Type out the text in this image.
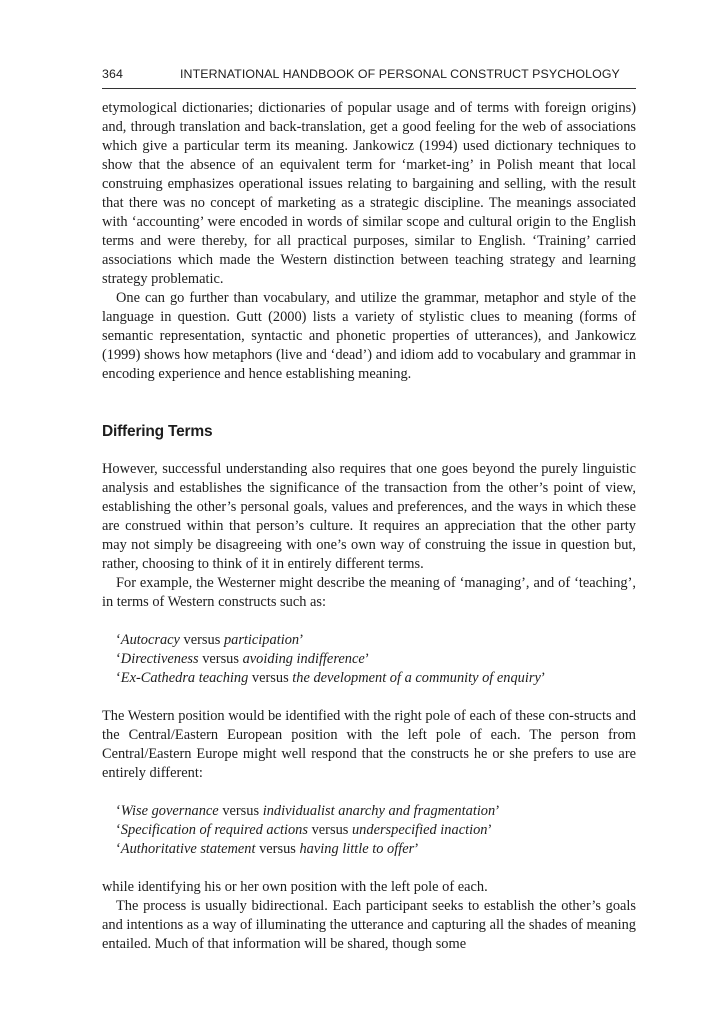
364	INTERNATIONAL HANDBOOK OF PERSONAL CONSTRUCT PSYCHOLOGY

etymological dictionaries; dictionaries of popular usage and of terms with foreign origins) and, through translation and back-translation, get a good feeling for the web of associations which give a particular term its meaning. Jankowicz (1994) used dictionary techniques to show that the absence of an equivalent term for ‘market-ing’ in Polish meant that local construing emphasizes operational issues relating to bargaining and selling, with the result that there was no concept of marketing as a strategic discipline. The meanings associated with ‘accounting’ were encoded in words of similar scope and cultural origin to the English terms and were thereby, for all practical purposes, similar to English. ‘Training’ carried associations which made the Western distinction between teaching strategy and learning strategy problematic.

One can go further than vocabulary, and utilize the grammar, metaphor and style of the language in question. Gutt (2000) lists a variety of stylistic clues to meaning (forms of semantic representation, syntactic and phonetic properties of utterances), and Jankowicz (1999) shows how metaphors (live and ‘dead’) and idiom add to vocabulary and grammar in encoding experience and hence establishing meaning.

Differing Terms

However, successful understanding also requires that one goes beyond the purely linguistic analysis and establishes the significance of the transaction from the other’s point of view, establishing the other’s personal goals, values and preferences, and the ways in which these are construed within that person’s culture. It requires an appreciation that the other party may not simply be disagreeing with one’s own way of construing the issue in question but, rather, choosing to think of it in entirely different terms.

For example, the Westerner might describe the meaning of ‘managing’, and of ‘teaching’, in terms of Western constructs such as:

‘Autocracy versus participation’
‘Directiveness versus avoiding indifference’
‘Ex-Cathedra teaching versus the development of a community of enquiry’

The Western position would be identified with the right pole of each of these con-structs and the Central/Eastern European position with the left pole of each. The person from Central/Eastern Europe might well respond that the constructs he or she prefers to use are entirely different:

‘Wise governance versus individualist anarchy and fragmentation’
‘Specification of required actions versus underspecified inaction’
‘Authoritative statement versus having little to offer’

while identifying his or her own position with the left pole of each.

The process is usually bidirectional. Each participant seeks to establish the other’s goals and intentions as a way of illuminating the utterance and capturing all the shades of meaning entailed. Much of that information will be shared, though some
